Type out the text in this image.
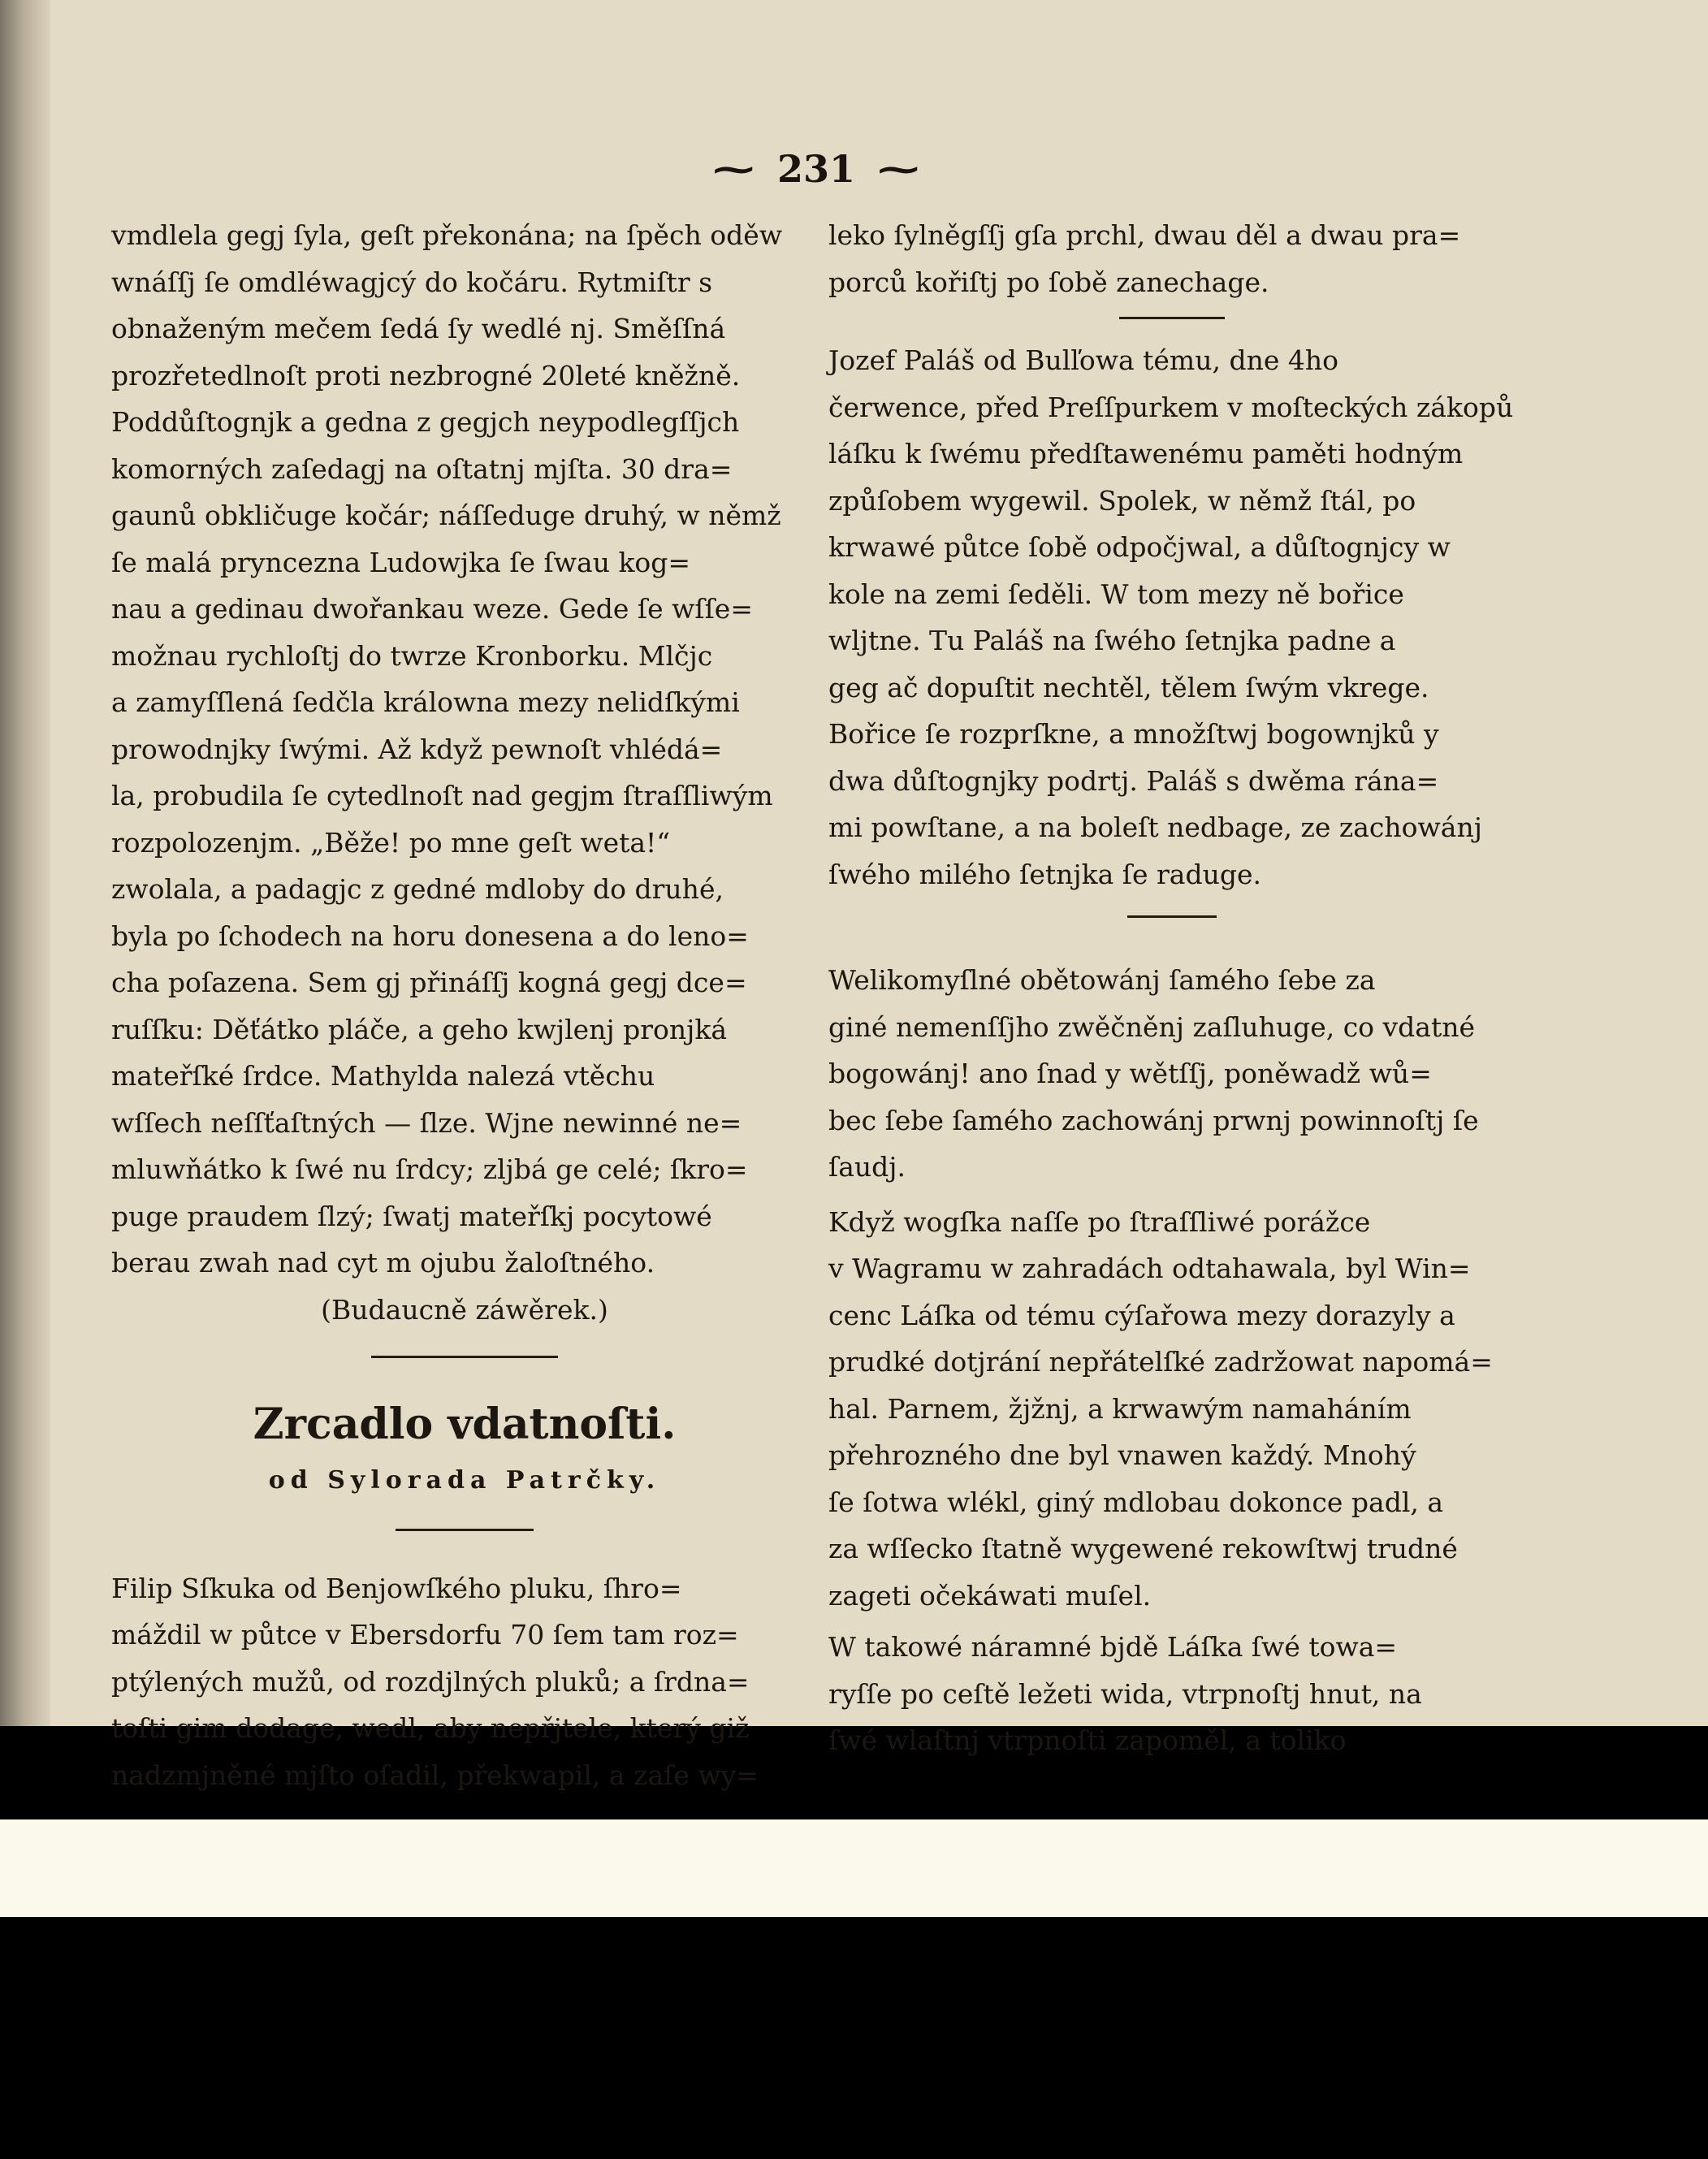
~ 231 ~
vmdlela gegj ſyla, geſt překonána; na ſpěch oděw
wnáſſj ſe omdléwagjcý do kočáru. Rytmiſtr s
obnaženým mečem ſedá ſy wedlé nj. Směſſná
prozřetedlnoſt proti nezbrogné 20leté kněžně.
Poddůſtognjk a gedna z gegjch neypodlegſſjch
komorných zaſedagj na oſtatnj mjſta. 30 dra=
gaunů obkličuge kočár; náſſeduge druhý, w němž
ſe malá pryncezna Ludowjka ſe ſwau kog=
nau a gedinau dwořankau weze. Gede ſe wſſe=
možnau rychloſtj do twrze Kronborku. Mlčjc
a zamyſſlená ſedčla králowna mezy nelidſkými
prowodnjky ſwými. Až když pewnoſt vhlédá=
la, probudila ſe cytedlnoſt nad gegjm ſtraſſliwým
rozpolozenjm. „Běže! po mne geſt weta!“
zwolala, a padagjc z gedné mdloby do druhé,
byla po ſchodech na horu donesena a do leno=
cha poſazena. Sem gj přináſſj kogná gegj dce=
ruſſku: Děťátko pláče, a geho kwjlenj pronjká
mateřſké ſrdce. Mathylda nalezá vtěchu
wſſech neſſťaſtných — ſlze. Wjne newinné ne=
mluwňátko k ſwé nu ſrdcy; zljbá ge celé; ſkro=
puge praudem ſlzý; ſwatj mateřſkj pocytowé
berau zwah nad cyt m ojubu žaloſtného.
(Budaucně záwěrek.)
Zrcadlo vdatnoſti.
od Sylorada Patrčky.
Filip Sſkuka od Benjowſkého pluku, ſhro=
máždil w půtce v Ebersdorfu 70 ſem tam roz=
ptýlených mužů, od rozdjlných pluků; a ſrdna=
toſti gim dodage, wedl, aby nepřjtele, který giž
nadzmjněné mjſto oſadil, překwapil, a zaſe wy=
leko ſylněgſſj gſa prchl, dwau děl a dwau pra=
porců kořiſtj po ſobě zanechage.
Jozef Paláš od Bulľowa tému, dne 4ho
čerwence, před Preſſpurkem v moſteckých zákopů
láſku k ſwému předſtawenému paměti hodným
způſobem wygewil. Spolek, w němž ſtál, po
krwawé půtce ſobě odpočjwal, a důſtognjcy w
kole na zemi ſeděli. W tom mezy ně bořice
wljtne. Tu Paláš na ſwého ſetnjka padne a
geg ač dopuſtit nechtěl, tělem ſwým vkrege.
Bořice ſe rozprſkne, a množſtwj bogownjků y
dwa důſtognjky podrtj. Paláš s dwěma rána=
mi powſtane, a na boleſt nedbage, ze zachowánj
ſwého milého ſetnjka ſe raduge.
Welikomyſlné obětowánj ſamého ſebe za
giné nemenſſjho zwěčněnj zaſluhuge, co vdatné
bogowánj! ano ſnad y wětſſj, poněwadž wů=
bec ſebe ſamého zachowánj prwnj powinnoſtj ſe
ſaudj.
Když wogſka naſſe po ſtraſſliwé porážce
v Wagramu w zahradách odtahawala, byl Win=
cenc Láſka od tému cýſařowa mezy dorazyly a
prudké dotjrání nepřátelſké zadržowat napomá=
hal. Parnem, žjžnj, a krwawým namaháním
přehrozného dne byl vnawen každý. Mnohý
ſe ſotwa wlékl, giný mdlobau dokonce padl, a
za wſſecko ſtatně wygewené rekowſtwj trudné
zageti očekáwati muſel.
W takowé náramné bjdě Láſka ſwé towa=
ryſſe po ceſtě ležeti wida, vtrpnoſtj hnut, na
ſwé wlaſtnj vtrpnoſti zapoměl, a toliko
